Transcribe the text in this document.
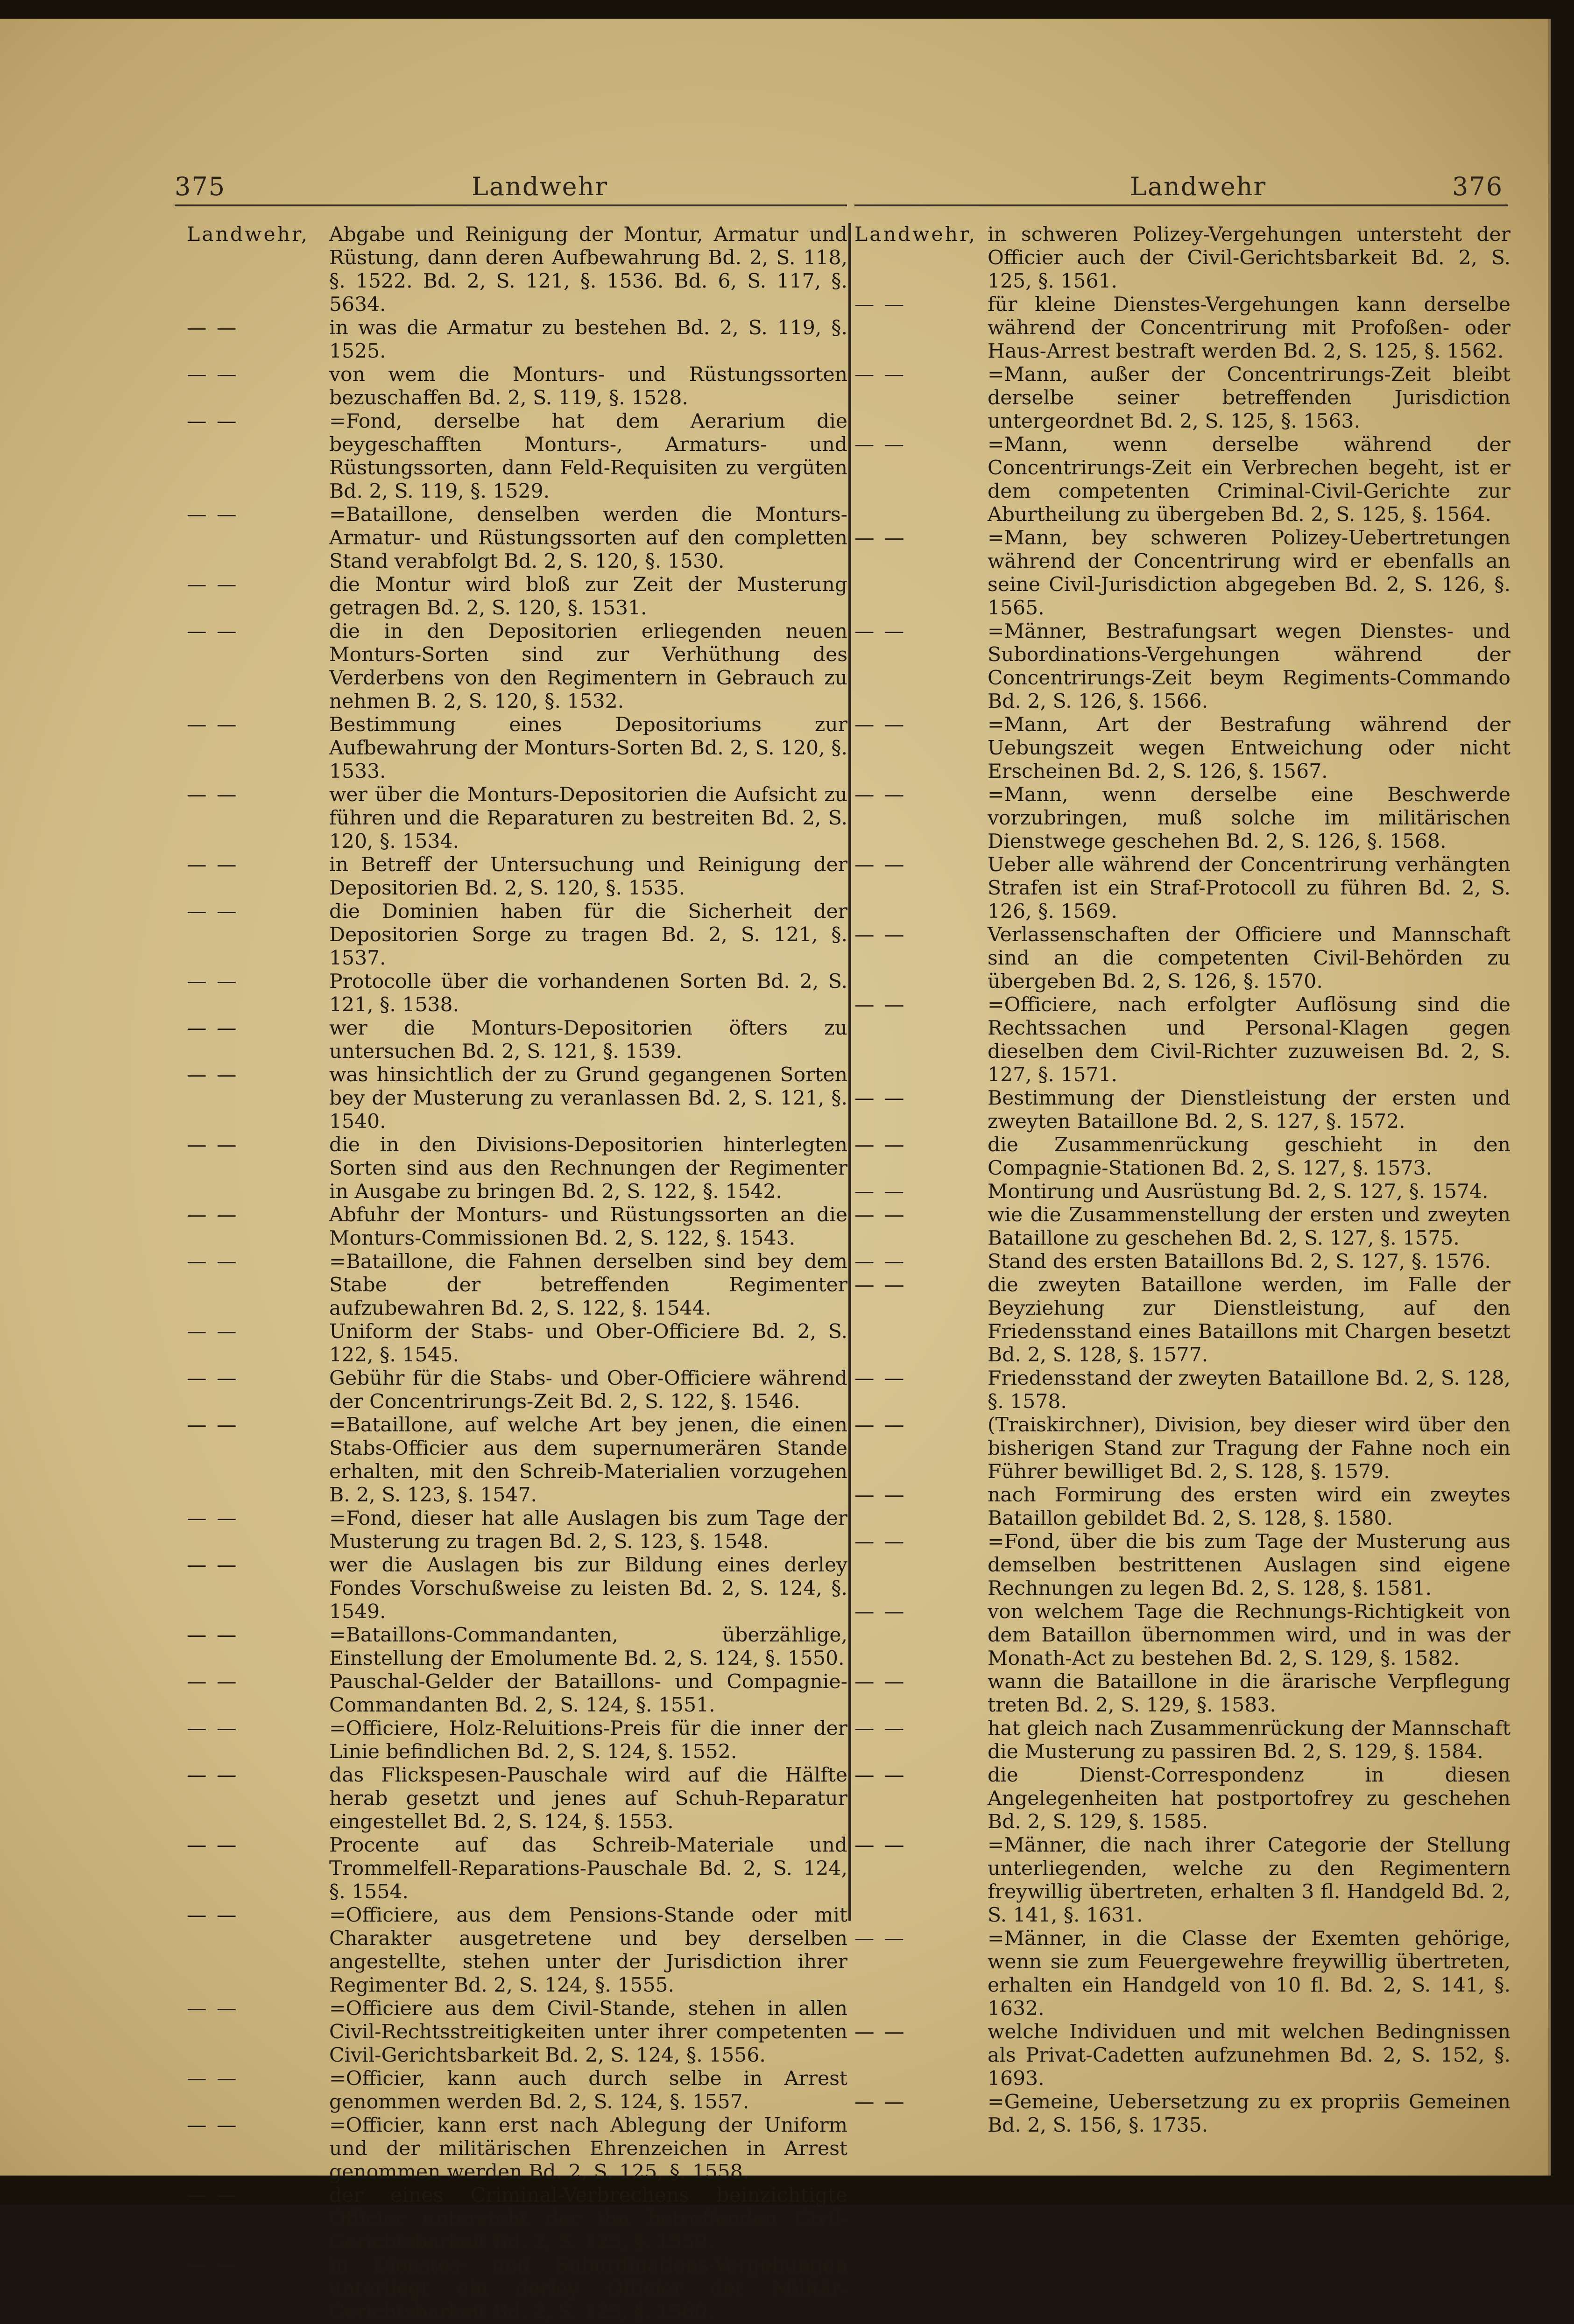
375	Landwehr	Landwehr	376
Landwehr,	Abgabe und Reinigung der Montur, Armatur und Rüstung, dann deren Aufbewahrung Bd. 2, S. 118, §. 1522. Bd. 2, S. 121, §. 1536. Bd. 6, S. 117, §. 5634.
— —	in was die Armatur zu bestehen Bd. 2, S. 119, §. 1525.
— —	von wem die Monturs- und Rüstungssorten bezuschaffen Bd. 2, S. 119, §. 1528.
— —	=Fond, derselbe hat dem Aerarium die beygeschafften Monturs-, Armaturs- und Rüstungssorten, dann Feld-Requisiten zu vergüten Bd. 2, S. 119, §. 1529.
— —	=Bataillone, denselben werden die Monturs-Armatur- und Rüstungssorten auf den completten Stand verabfolgt Bd. 2, S. 120, §. 1530.
— —	die Montur wird bloß zur Zeit der Musterung getragen Bd. 2, S. 120, §. 1531.
— —	die in den Depositorien erliegenden neuen Monturs-Sorten sind zur Verhüthung des Verderbens von den Regimentern in Gebrauch zu nehmen B. 2, S. 120, §. 1532.
— —	Bestimmung eines Depositoriums zur Aufbewahrung der Monturs-Sorten Bd. 2, S. 120, §. 1533.
— —	wer über die Monturs-Depositorien die Aufsicht zu führen und die Reparaturen zu bestreiten Bd. 2, S. 120, §. 1534.
— —	in Betreff der Untersuchung und Reinigung der Depositorien Bd. 2, S. 120, §. 1535.
— —	die Dominien haben für die Sicherheit der Depositorien Sorge zu tragen Bd. 2, S. 121, §. 1537.
— —	Protocolle über die vorhandenen Sorten Bd. 2, S. 121, §. 1538.
— —	wer die Monturs-Depositorien öfters zu untersuchen Bd. 2, S. 121, §. 1539.
— —	was hinsichtlich der zu Grund gegangenen Sorten bey der Musterung zu veranlassen Bd. 2, S. 121, §. 1540.
— —	die in den Divisions-Depositorien hinterlegten Sorten sind aus den Rechnungen der Regimenter in Ausgabe zu bringen Bd. 2, S. 122, §. 1542.
— —	Abfuhr der Monturs- und Rüstungssorten an die Monturs-Commissionen Bd. 2, S. 122, §. 1543.
— —	=Bataillone, die Fahnen derselben sind bey dem Stabe der betreffenden Regimenter aufzubewahren Bd. 2, S. 122, §. 1544.
— —	Uniform der Stabs- und Ober-Officiere Bd. 2, S. 122, §. 1545.
— —	Gebühr für die Stabs- und Ober-Officiere während der Concentrirungs-Zeit Bd. 2, S. 122, §. 1546.
— —	=Bataillone, auf welche Art bey jenen, die einen Stabs-Officier aus dem supernumerären Stande erhalten, mit den Schreib-Materialien vorzugehen B. 2, S. 123, §. 1547.
— —	=Fond, dieser hat alle Auslagen bis zum Tage der Musterung zu tragen Bd. 2, S. 123, §. 1548.
— —	wer die Auslagen bis zur Bildung eines derley Fondes Vorschußweise zu leisten Bd. 2, S. 124, §. 1549.
— —	=Bataillons-Commandanten, überzählige, Einstellung der Emolumente Bd. 2, S. 124, §. 1550.
— —	Pauschal-Gelder der Bataillons- und Compagnie-Commandanten Bd. 2, S. 124, §. 1551.
— —	=Officiere, Holz-Reluitions-Preis für die inner der Linie befindlichen Bd. 2, S. 124, §. 1552.
— —	das Flickspesen-Pauschale wird auf die Hälfte herab gesetzt und jenes auf Schuh-Reparatur eingestellet Bd. 2, S. 124, §. 1553.
— —	Procente auf das Schreib-Materiale und Trommelfell-Reparations-Pauschale Bd. 2, S. 124, §. 1554.
— —	=Officiere, aus dem Pensions-Stande oder mit Charakter ausgetretene und bey derselben angestellte, stehen unter der Jurisdiction ihrer Regimenter Bd. 2, S. 124, §. 1555.
— —	=Officiere aus dem Civil-Stande, stehen in allen Civil-Rechtsstreitigkeiten unter ihrer competenten Civil-Gerichtsbarkeit Bd. 2, S. 124, §. 1556.
— —	=Officier, kann auch durch selbe in Arrest genommen werden Bd. 2, S. 124, §. 1557.
— —	=Officier, kann erst nach Ablegung der Uniform und der militärischen Ehrenzeichen in Arrest genommen werden Bd. 2, S. 125, §. 1558.
— —	der eines Criminal-Verbrechens beinzichtigte Officier untersteht der ihn betreffenden Civil-Gerichtsbarkeit Bd. 2, S. 125, §. 1559.
— —	in Dienstes- und Subordinations-Vergehungen unterliegt ein derley Officier der Militär-Gerichtsbarkeit Bd. 2, S. 125, §. 1560.
Landwehr, in schweren Polizey-Vergehungen untersteht der Officier auch der Civil-Gerichtsbarkeit Bd. 2, S. 125, §. 1561.
— —	für kleine Dienstes-Vergehungen kann derselbe während der Concentrirung mit Profoßen- oder Haus-Arrest bestraft werden Bd. 2, S. 125, §. 1562.
— —	=Mann, außer der Concentrirungs-Zeit bleibt derselbe seiner betreffenden Jurisdiction untergeordnet Bd. 2, S. 125, §. 1563.
— —	=Mann, wenn derselbe während der Concentrirungs-Zeit ein Verbrechen begeht, ist er dem competenten Criminal-Civil-Gerichte zur Aburtheilung zu übergeben Bd. 2, S. 125, §. 1564.
— —	=Mann, bey schweren Polizey-Uebertretungen während der Concentrirung wird er ebenfalls an seine Civil-Jurisdiction abgegeben Bd. 2, S. 126, §. 1565.
— —	=Männer, Bestrafungsart wegen Dienstes- und Subordinations-Vergehungen während der Concentrirungs-Zeit beym Regiments-Commando Bd. 2, S. 126, §. 1566.
— —	=Mann, Art der Bestrafung während der Uebungszeit wegen Entweichung oder nicht Erscheinen Bd. 2, S. 126, §. 1567.
— —	=Mann, wenn derselbe eine Beschwerde vorzubringen, muß solche im militärischen Dienstwege geschehen Bd. 2, S. 126, §. 1568.
— —	Ueber alle während der Concentrirung verhängten Strafen ist ein Straf-Protocoll zu führen Bd. 2, S. 126, §. 1569.
— —	Verlassenschaften der Officiere und Mannschaft sind an die competenten Civil-Behörden zu übergeben Bd. 2, S. 126, §. 1570.
— —	=Officiere, nach erfolgter Auflösung sind die Rechtssachen und Personal-Klagen gegen dieselben dem Civil-Richter zuzuweisen Bd. 2, S. 127, §. 1571.
— —	Bestimmung der Dienstleistung der ersten und zweyten Bataillone Bd. 2, S. 127, §. 1572.
— —	die Zusammenrückung geschieht in den Compagnie-Stationen Bd. 2, S. 127, §. 1573.
— —	Montirung und Ausrüstung Bd. 2, S. 127, §. 1574.
— —	wie die Zusammenstellung der ersten und zweyten Bataillone zu geschehen Bd. 2, S. 127, §. 1575.
— —	Stand des ersten Bataillons Bd. 2, S. 127, §. 1576.
— —	die zweyten Bataillone werden, im Falle der Beyziehung zur Dienstleistung, auf den Friedensstand eines Bataillons mit Chargen besetzt Bd. 2, S. 128, §. 1577.
— —	Friedensstand der zweyten Bataillone Bd. 2, S. 128, §. 1578.
— —	(Traiskirchner), Division, bey dieser wird über den bisherigen Stand zur Tragung der Fahne noch ein Führer bewilliget Bd. 2, S. 128, §. 1579.
— —	nach Formirung des ersten wird ein zweytes Bataillon gebildet Bd. 2, S. 128, §. 1580.
— —	=Fond, über die bis zum Tage der Musterung aus demselben bestrittenen Auslagen sind eigene Rechnungen zu legen Bd. 2, S. 128, §. 1581.
— —	von welchem Tage die Rechnungs-Richtigkeit von dem Bataillon übernommen wird, und in was der Monath-Act zu bestehen Bd. 2, S. 129, §. 1582.
— —	wann die Bataillone in die ärarische Verpflegung treten Bd. 2, S. 129, §. 1583.
— —	hat gleich nach Zusammenrückung der Mannschaft die Musterung zu passiren Bd. 2, S. 129, §. 1584.
— —	die Dienst-Correspondenz in diesen Angelegenheiten hat postportofrey zu geschehen Bd. 2, S. 129, §. 1585.
— —	=Männer, die nach ihrer Categorie der Stellung unterliegenden, welche zu den Regimentern freywillig übertreten, erhalten 3 fl. Handgeld Bd. 2, S. 141, §. 1631.
— —	=Männer, in die Classe der Exemten gehörige, wenn sie zum Feuergewehre freywillig übertreten, erhalten ein Handgeld von 10 fl. Bd. 2, S. 141, §. 1632.
— —	welche Individuen und mit welchen Bedingnissen als Privat-Cadetten aufzunehmen Bd. 2, S. 152, §. 1693.
— —	=Gemeine, Uebersetzung zu ex propriis Gemeinen Bd. 2, S. 156, §. 1735.
